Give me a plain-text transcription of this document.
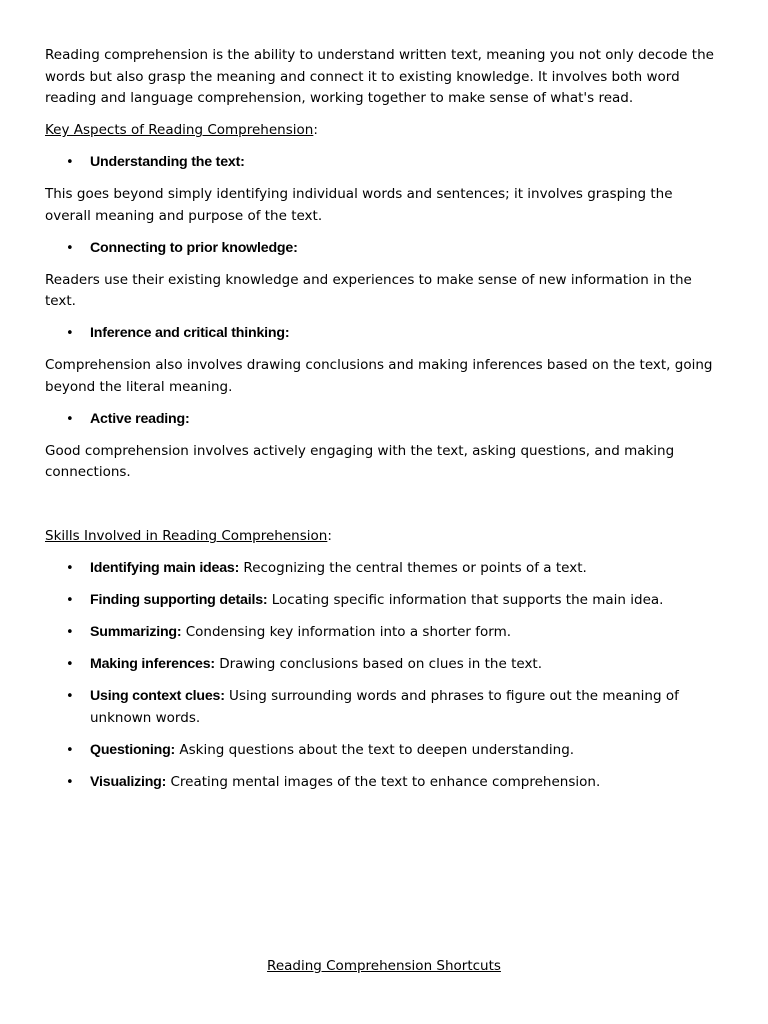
Reading comprehension is the ability to understand written text, meaning you not only decode the words but also grasp the meaning and connect it to existing knowledge. It involves both word reading and language comprehension, working together to make sense of what's read.

Key Aspects of Reading Comprehension:

• Understanding the text:

This goes beyond simply identifying individual words and sentences; it involves grasping the overall meaning and purpose of the text.

• Connecting to prior knowledge:

Readers use their existing knowledge and experiences to make sense of new information in the text.

• Inference and critical thinking:

Comprehension also involves drawing conclusions and making inferences based on the text, going beyond the literal meaning.

• Active reading:

Good comprehension involves actively engaging with the text, asking questions, and making connections.

Skills Involved in Reading Comprehension:

• Identifying main ideas: Recognizing the central themes or points of a text.
• Finding supporting details: Locating specific information that supports the main idea.
• Summarizing: Condensing key information into a shorter form.
• Making inferences: Drawing conclusions based on clues in the text.
• Using context clues: Using surrounding words and phrases to figure out the meaning of unknown words.
• Questioning: Asking questions about the text to deepen understanding.
• Visualizing: Creating mental images of the text to enhance comprehension.
Reading Comprehension Shortcuts
